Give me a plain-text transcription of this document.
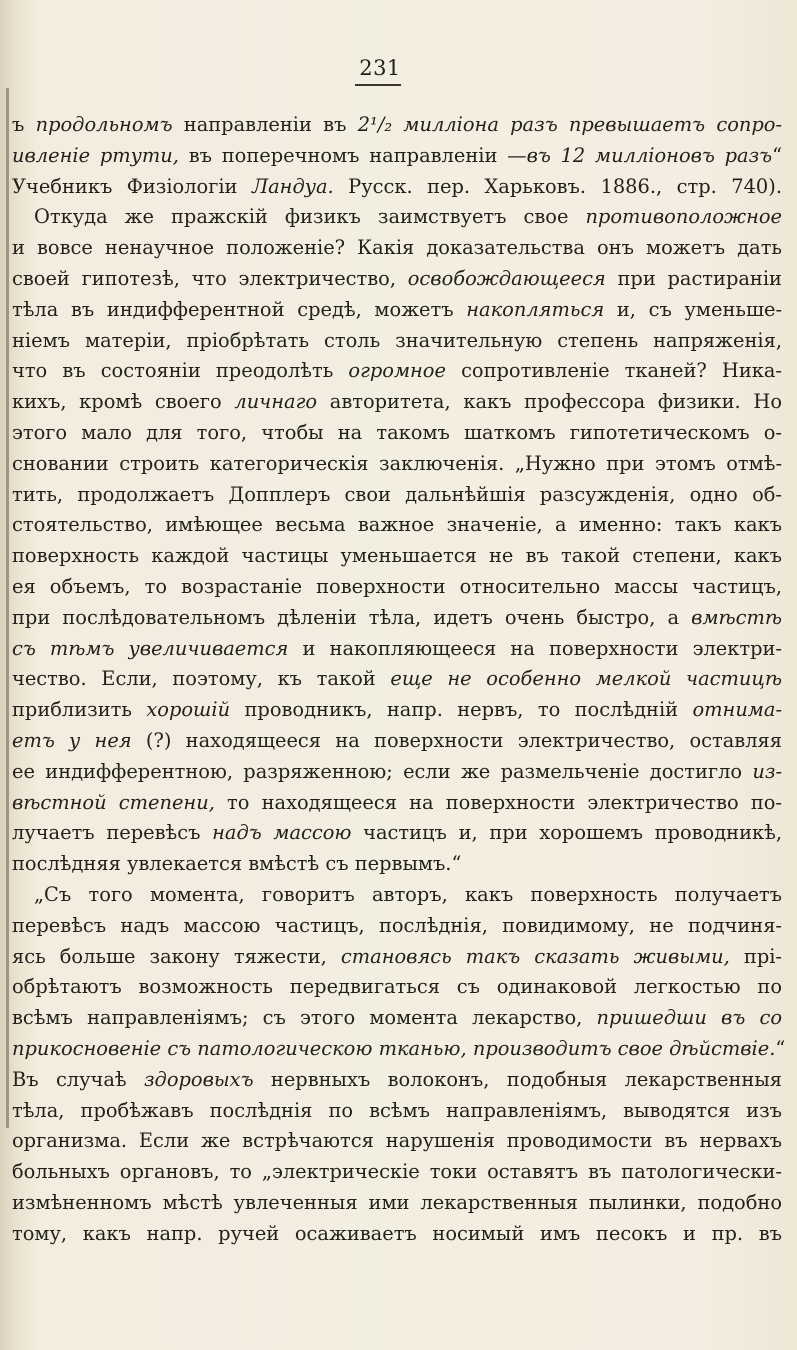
231
ъ продольномъ направленіи въ 2¹/₂ милліона разъ превышаетъ сопро-
ивленіе ртути, въ поперечномъ направленіи —въ 12 милліоновъ разъ“
Учебникъ Физіологіи Ландуа. Русск. пер. Харьковъ. 1886., стр. 740).
Откуда же пражскій физикъ заимствуетъ свое противоположное
и вовсе ненаучное положеніе? Какія доказательства онъ можетъ дать
своей гипотезѣ, что электричество, освобождающееся при растираніи
тѣла въ индифферентной средѣ, можетъ накопляться и, съ уменьше-
ніемъ матеріи, пріобрѣтать столь значительную степень напряженія,
что въ состояніи преодолѣть огромное сопротивленіе тканей? Ника-
кихъ, кромѣ своего личнаго авторитета, какъ профессора физики. Но
этого мало для того, чтобы на такомъ шаткомъ гипотетическомъ о-
сновании строить категорическія заключенія. „Нужно при этомъ отмѣ-
тить, продолжаетъ Допплеръ свои дальнѣйшія разсужденія, одно об-
стоятельство, имѣющее весьма важное значеніе, а именно: такъ какъ
поверхность каждой частицы уменьшается не въ такой степени, какъ
ея объемъ, то возрастаніе поверхности относительно массы частицъ,
при послѣдовательномъ дѣленіи тѣла, идетъ очень быстро, а вмѣстѣ
съ тѣмъ увеличивается и накопляющееся на поверхности электри-
чество. Если, поэтому, къ такой еще не особенно мелкой частицѣ
приблизить хорошій проводникъ, напр. нервъ, то послѣдній отнима-
етъ у нея (?) находящееся на поверхности электричество, оставляя
ее индифферентною, разряженною; если же размельченіе достигло из-
вѣстной степени, то находящееся на поверхности электричество по-
лучаетъ перевѣсъ надъ массою частицъ и, при хорошемъ проводникѣ,
послѣдняя увлекается вмѣстѣ съ первымъ.“
„Съ того момента, говоритъ авторъ, какъ поверхность получаетъ
перевѣсъ надъ массою частицъ, послѣднія, повидимому, не подчиня-
ясь больше закону тяжести, становясь такъ сказать живыми, прі-
обрѣтаютъ возможность передвигаться съ одинаковой легкостью по
всѣмъ направленіямъ; съ этого момента лекарство, пришедши въ со
прикосновеніе съ патологическою тканью, производитъ свое дѣйствіе.“
Въ случаѣ здоровыхъ нервныхъ волоконъ, подобныя лекарственныя
тѣла, пробѣжавъ послѣднія по всѣмъ направленіямъ, выводятся изъ
организма. Если же встрѣчаются нарушенія проводимости въ нервахъ
больныхъ органовъ, то „электрическіе токи оставятъ въ патологически-
измѣненномъ мѣстѣ увлеченныя ими лекарственныя пылинки, подобно
тому, какъ напр. ручей осаживаетъ носимый имъ песокъ и пр. въ
